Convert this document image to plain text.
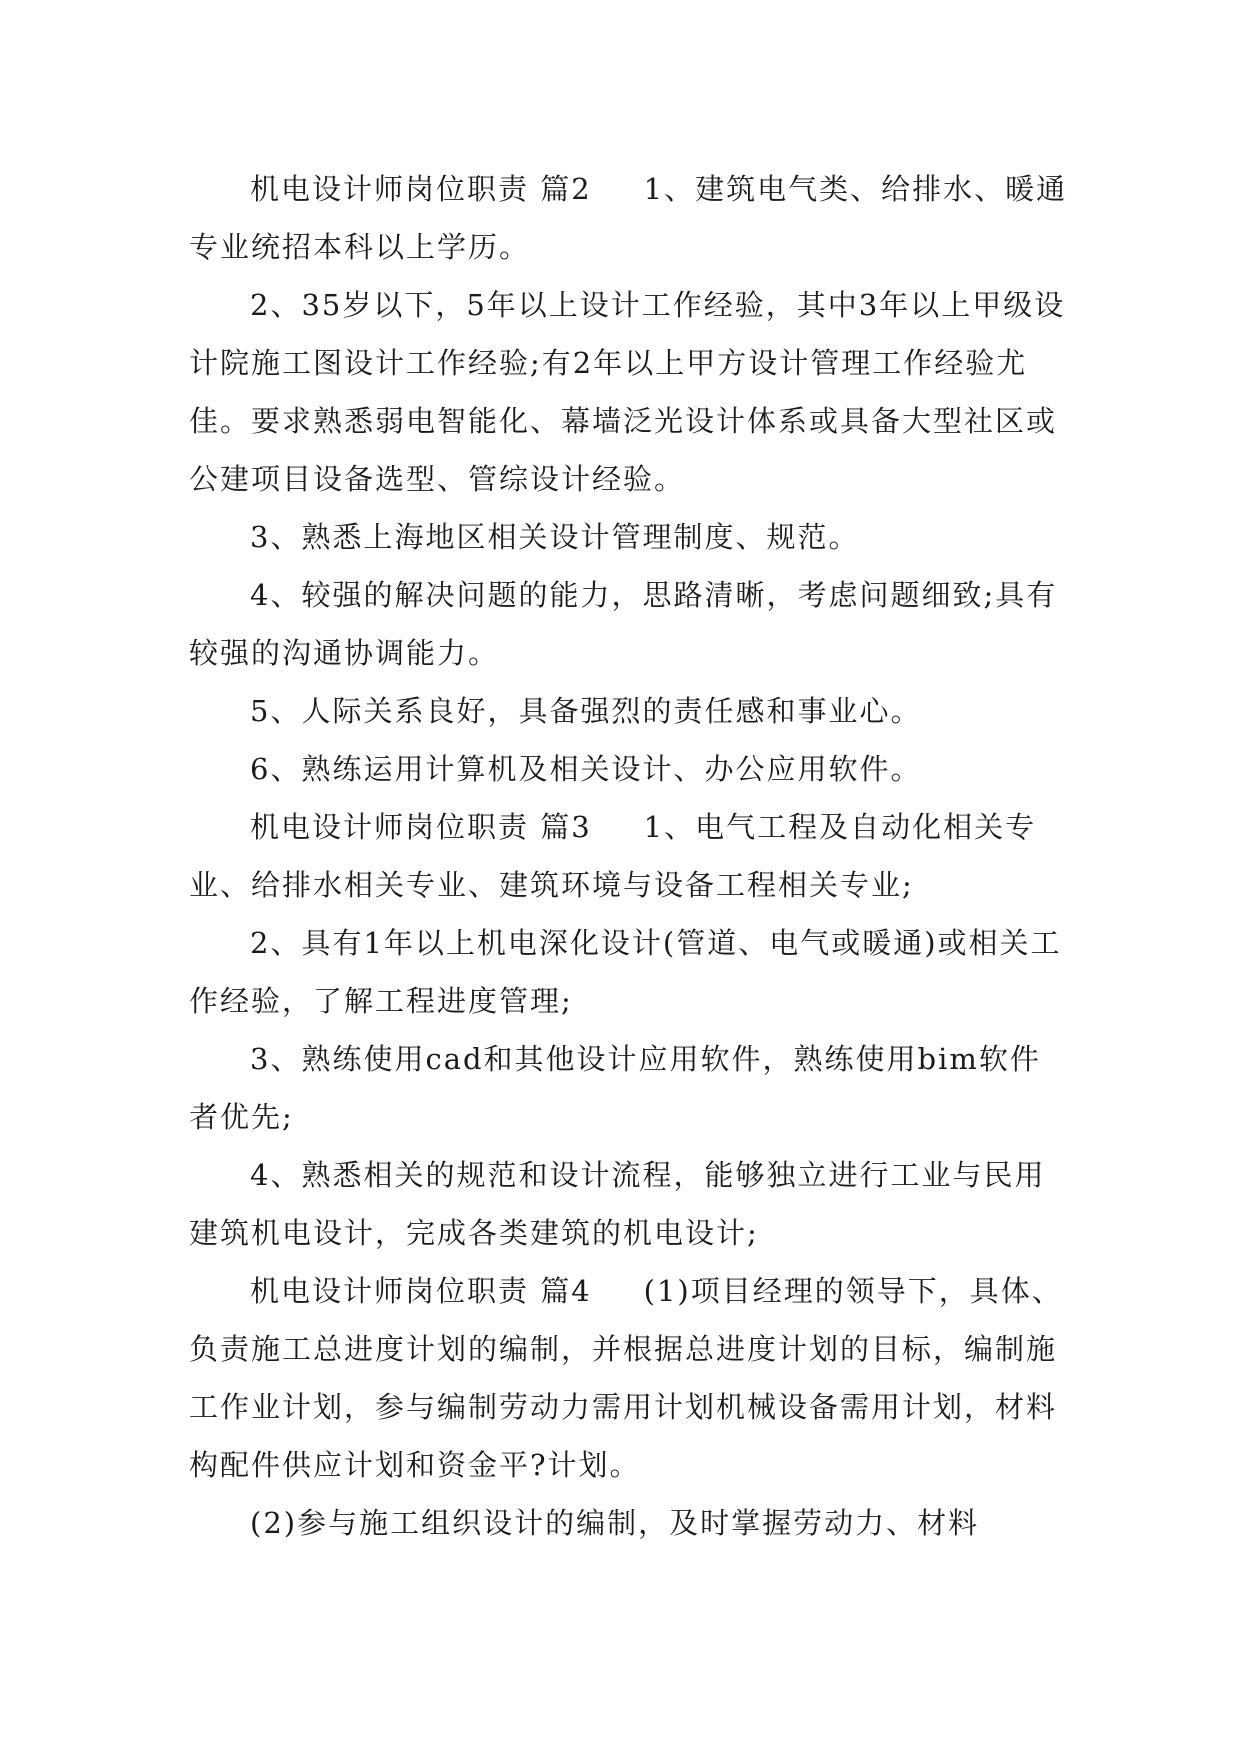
机电设计师岗位职责 篇2 1、建筑电气类、给排水、暖通专业统招本科以上学历。

2、35岁以下，5年以上设计工作经验，其中3年以上甲级设计院施工图设计工作经验;有2年以上甲方设计管理工作经验尤佳。要求熟悉弱电智能化、幕墙泛光设计体系或具备大型社区或公建项目设备选型、管综设计经验。

3、熟悉上海地区相关设计管理制度、规范。

4、较强的解决问题的能力，思路清晰，考虑问题细致;具有较强的沟通协调能力。

5、人际关系良好，具备强烈的责任感和事业心。

6、熟练运用计算机及相关设计、办公应用软件。

机电设计师岗位职责 篇3 1、电气工程及自动化相关专业、给排水相关专业、建筑环境与设备工程相关专业;

2、具有1年以上机电深化设计(管道、电气或暖通)或相关工作经验，了解工程进度管理;

3、熟练使用cad和其他设计应用软件，熟练使用bim软件者优先;

4、熟悉相关的规范和设计流程，能够独立进行工业与民用建筑机电设计，完成各类建筑的机电设计;

机电设计师岗位职责 篇4 (1)项目经理的领导下，具体、负责施工总进度计划的编制，并根据总进度计划的目标，编制施工作业计划，参与编制劳动力需用计划机械设备需用计划，材料构配件供应计划和资金平?计划。

(2)参与施工组织设计的编制，及时掌握劳动力、材料
